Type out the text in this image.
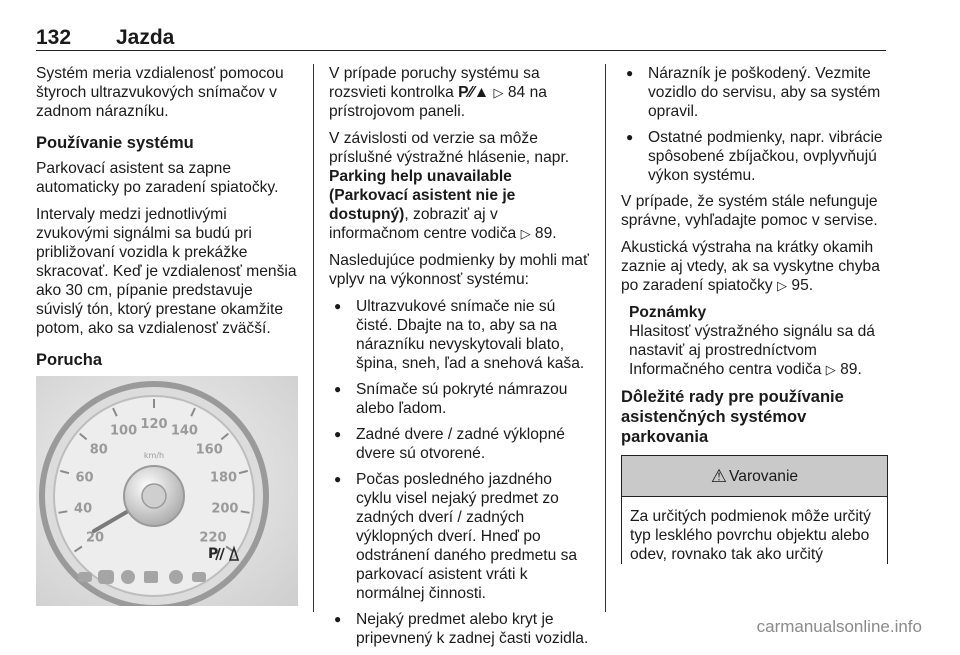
132 Jazda

Systém meria vzdialenosť pomocou štyroch ultrazvukových snímačov v zadnom nárazníku.

Používanie systému

Parkovací asistent sa zapne automaticky po zaradení spiatočky.

Intervaly medzi jednotlivými zvukovými signálmi sa budú pri približovaní vozidla k prekážke skracovať. Keď je vzdialenosť menšia ako 30 cm, pípanie predstavuje súvislý tón, ktorý prestane okamžite potom, ako sa vzdialenosť zväčší.

Porucha
20
40
60
80
100 120 140
160
180
200
220
km/h
P

V prípade poruchy systému sa rozsvieti kontrolka P⁄⁄▲ ▷ 84 na prístrojovom paneli.

V závislosti od verzie sa môže príslušné výstražné hlásenie, napr. Parking help unavailable (Parkovací asistent nie je dostupný), zobraziť aj v informačnom centre vodiča ▷ 89.

Nasledujúce podmienky by mohli mať vplyv na výkonnosť systému:

● Ultrazvukové snímače nie sú čisté. Dbajte na to, aby sa na nárazníku nevyskytovali blato, špina, sneh, ľad a snehová kaša.
● Snímače sú pokryté námrazou alebo ľadom.
● Zadné dvere / zadné výklopné dvere sú otvorené.
● Počas posledného jazdného cyklu visel nejaký predmet zo zadných dverí / zadných výklopných dverí. Hneď po odstránení daného predmetu sa parkovací asistent vráti k normálnej činnosti.
● Nejaký predmet alebo kryt je pripevnený k zadnej časti vozidla.
● Nárazník je poškodený. Vezmite vozidlo do servisu, aby sa systém opravil.
● Ostatné podmienky, napr. vibrácie spôsobené zbíjačkou, ovplyvňujú výkon systému.

V prípade, že systém stále nefunguje správne, vyhľadajte pomoc v servise.

Akustická výstraha na krátky okamih zaznie aj vtedy, ak sa vyskytne chyba po zaradení spiatočky ▷ 95.

Poznámky
Hlasitosť výstražného signálu sa dá nastaviť aj prostredníctvom Informačného centra vodiča ▷ 89.
Dôležité rady pre používanie asistenčných systémov parkovania
⚠ Varovanie
Za určitých podmienok môže určitý typ lesklého povrchu objektu alebo odev, rovnako tak ako určitý
carmanualsonline.info
